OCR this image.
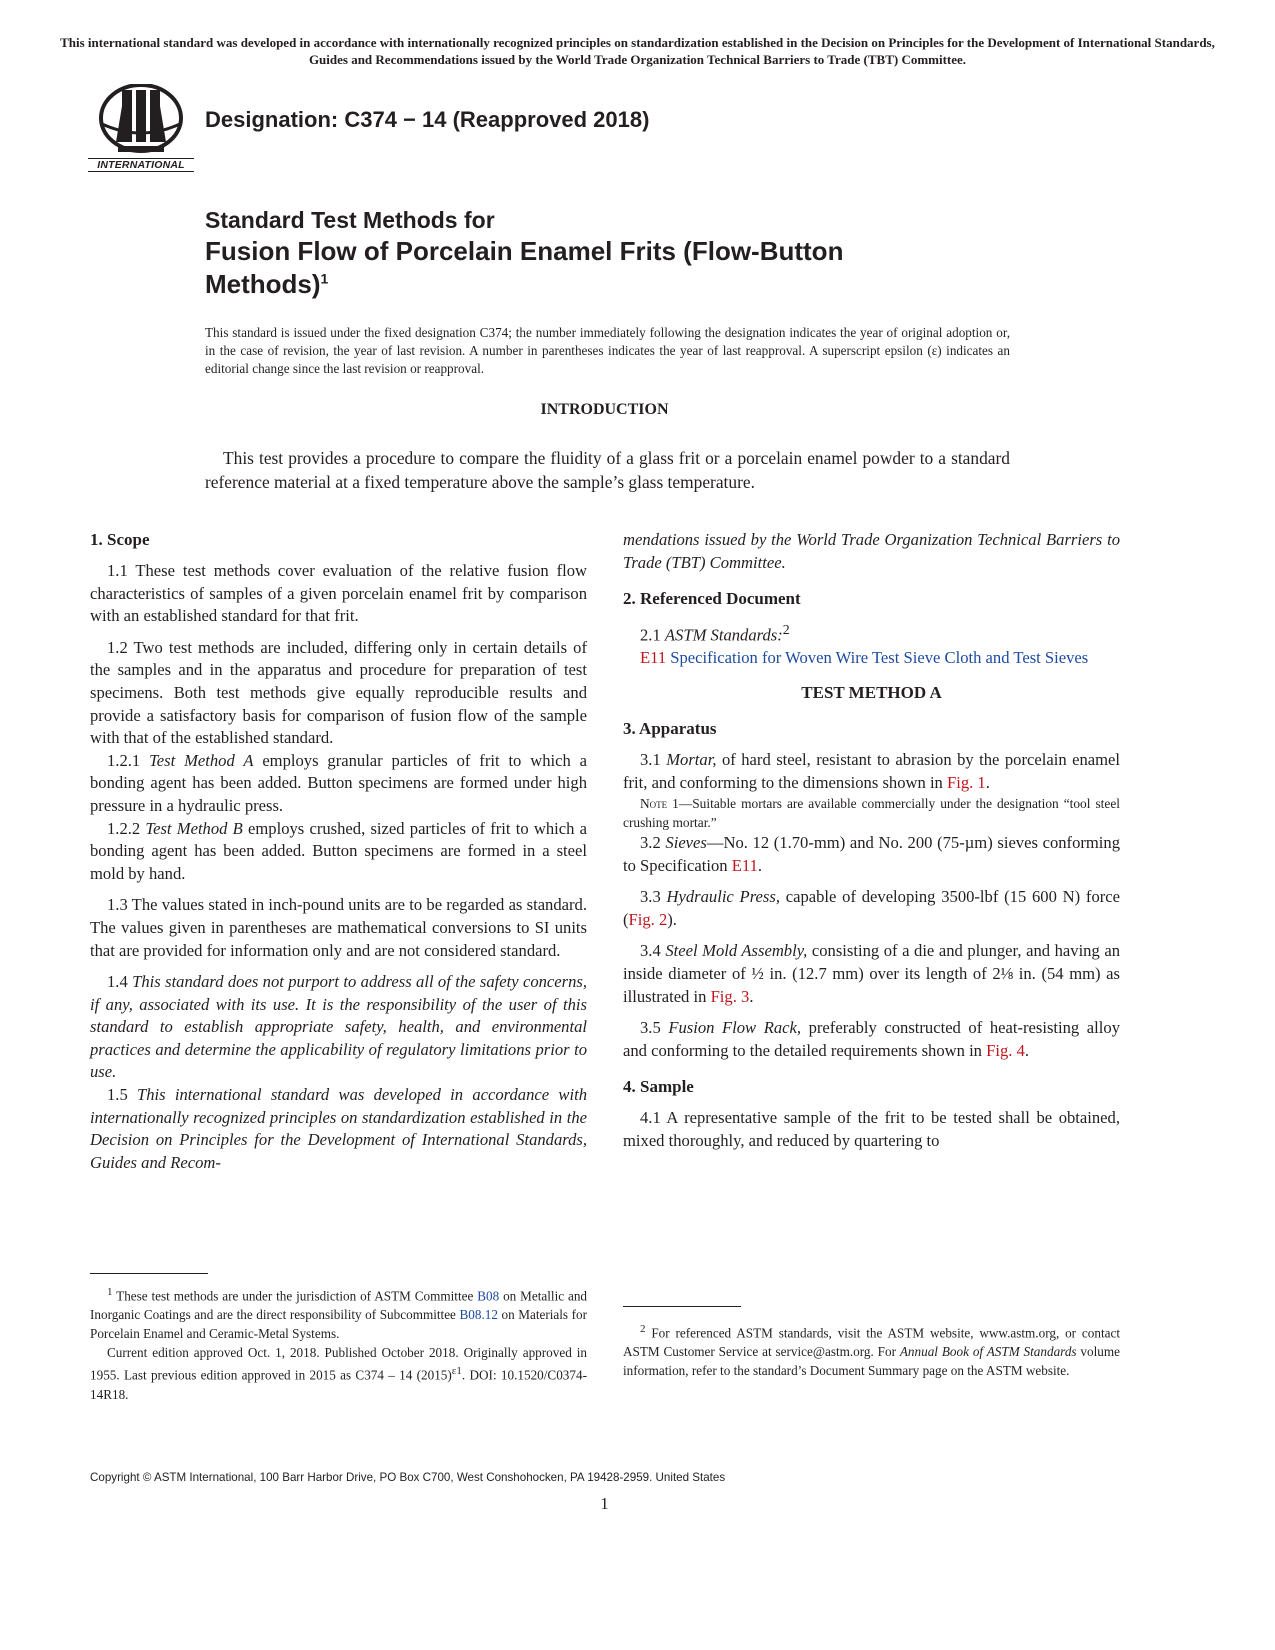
This international standard was developed in accordance with internationally recognized principles on standardization established in the Decision on Principles for the Development of International Standards, Guides and Recommendations issued by the World Trade Organization Technical Barriers to Trade (TBT) Committee.
INTERNATIONAL
Designation: C374 − 14 (Reapproved 2018)
Standard Test Methods for
Fusion Flow of Porcelain Enamel Frits (Flow-Button Methods)$^1$
This standard is issued under the fixed designation C374; the number immediately following the designation indicates the year of original adoption or, in the case of revision, the year of last revision. A number in parentheses indicates the year of last reapproval. A superscript epsilon (ε) indicates an editorial change since the last revision or reapproval.
INTRODUCTION
This test provides a procedure to compare the fluidity of a glass frit or a porcelain enamel powder to a standard reference material at a fixed temperature above the sample’s glass temperature.
1. Scope

1.1 These test methods cover evaluation of the relative fusion flow characteristics of samples of a given porcelain enamel frit by comparison with an established standard for that frit.

1.2 Two test methods are included, differing only in certain details of the samples and in the apparatus and procedure for preparation of test specimens. Both test methods give equally reproducible results and provide a satisfactory basis for comparison of fusion flow of the sample with that of the established standard.

1.2.1 Test Method A employs granular particles of frit to which a bonding agent has been added. Button specimens are formed under high pressure in a hydraulic press.

1.2.2 Test Method B employs crushed, sized particles of frit to which a bonding agent has been added. Button specimens are formed in a steel mold by hand.

1.3 The values stated in inch-pound units are to be regarded as standard. The values given in parentheses are mathematical conversions to SI units that are provided for information only and are not considered standard.

1.4 This standard does not purport to address all of the safety concerns, if any, associated with its use. It is the responsibility of the user of this standard to establish appropriate safety, health, and environmental practices and determine the applicability of regulatory limitations prior to use.

1.5 This international standard was developed in accordance with internationally recognized principles on standardization established in the Decision on Principles for the Development of International Standards, Guides and Recom-

$^1$ These test methods are under the jurisdiction of ASTM Committee B08 on Metallic and Inorganic Coatings and are the direct responsibility of Subcommittee B08.12 on Materials for Porcelain Enamel and Ceramic-Metal Systems.

Current edition approved Oct. 1, 2018. Published October 2018. Originally approved in 1955. Last previous edition approved in 2015 as C374 – 14 $(2015)^{\varepsilon 1}$. DOI: 10.1520/C0374-14R18.

mendations issued by the World Trade Organization Technical Barriers to Trade (TBT) Committee.

2. Referenced Document

2.1 ASTM Standards:$^2$

E11 Specification for Woven Wire Test Sieve Cloth and Test Sieves

TEST METHOD A
3. Apparatus

3.1 Mortar, of hard steel, resistant to abrasion by the porcelain enamel frit, and conforming to the dimensions shown in Fig. 1.

Note 1—Suitable mortars are available commercially under the designation “tool steel crushing mortar.”

3.2 Sieves—No. 12 (1.70-mm) and No. 200 (75-µm) sieves conforming to Specification E11.

3.3 Hydraulic Press, capable of developing 3500-lbf (15 600 N) force (Fig. 2).

3.4 Steel Mold Assembly, consisting of a die and plunger, and having an inside diameter of ½ in. (12.7 mm) over its length of 2⅛ in. (54 mm) as illustrated in Fig. 3.

3.5 Fusion Flow Rack, preferably constructed of heat-resisting alloy and conforming to the detailed requirements shown in Fig. 4.

4. Sample

4.1 A representative sample of the frit to be tested shall be obtained, mixed thoroughly, and reduced by quartering to

$^2$ For referenced ASTM standards, visit the ASTM website, www.astm.org, or contact ASTM Customer Service at service@astm.org. For Annual Book of ASTM Standards volume information, refer to the standard’s Document Summary page on the ASTM website.

Copyright © ASTM International, 100 Barr Harbor Drive, PO Box C700, West Conshohocken, PA 19428-2959. United States
1
